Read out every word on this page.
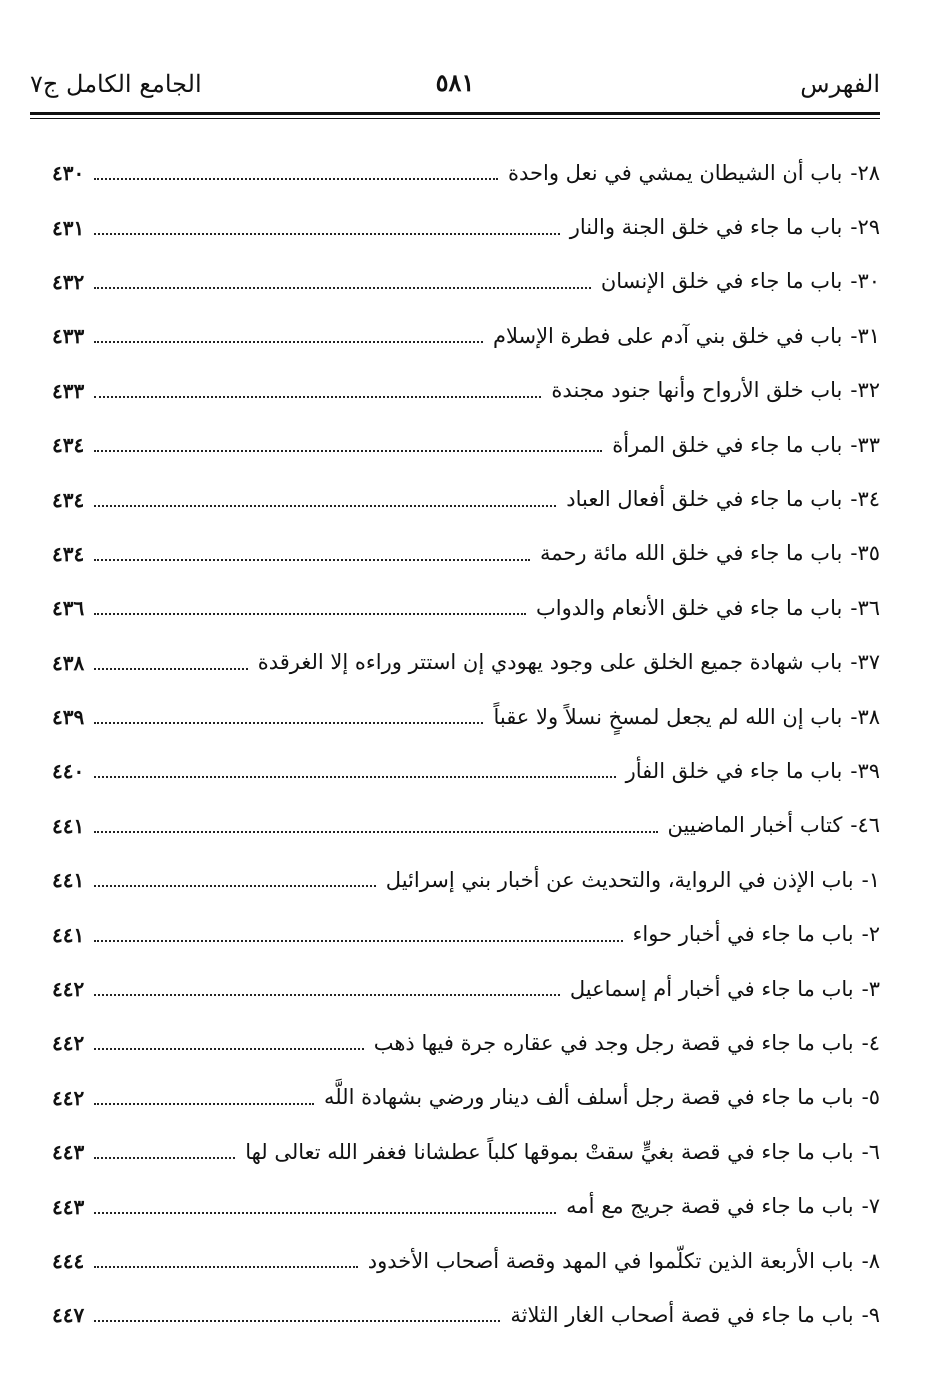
الفهرس
٥٨١
الجامع الكامل ج٧
٢٨-
باب أن الشيطان يمشي في نعل واحدة
٤٣٠
٢٩-
باب ما جاء في خلق الجنة والنار
٤٣١
٣٠-
باب ما جاء في خلق الإنسان
٤٣٢
٣١-
باب في خلق بني آدم على فطرة الإسلام
٤٣٣
٣٢-
باب خلق الأرواح وأنها جنود مجندة
٤٣٣
٣٣-
باب ما جاء في خلق المرأة
٤٣٤
٣٤-
باب ما جاء في خلق أفعال العباد
٤٣٤
٣٥-
باب ما جاء في خلق الله مائة رحمة
٤٣٤
٣٦-
باب ما جاء في خلق الأنعام والدواب
٤٣٦
٣٧-
باب شهادة جميع الخلق على وجود يهودي إن استتر وراءه إلا الغرقدة
٤٣٨
٣٨-
باب إن الله لم يجعل لمسخٍ نسلاً ولا عقباً
٤٣٩
٣٩-
باب ما جاء في خلق الفأر
٤٤٠
٤٦-
كتاب أخبار الماضيين
٤٤١
١-
باب الإذن في الرواية، والتحديث عن أخبار بني إسرائيل
٤٤١
٢-
باب ما جاء في أخبار حواء
٤٤١
٣-
باب ما جاء في أخبار أم إسماعيل
٤٤٢
٤-
باب ما جاء في قصة رجل وجد في عقاره جرة فيها ذهب
٤٤٢
٥-
باب ما جاء في قصة رجل أسلف ألف دينار ورضي بشهادة اللَّه
٤٤٢
٦-
باب ما جاء في قصة بغيٍّ سقتْ بموقها كلباً عطشانا فغفر الله تعالى لها
٤٤٣
٧-
باب ما جاء في قصة جريج مع أمه
٤٤٣
٨-
باب الأربعة الذين تكلّموا في المهد وقصة أصحاب الأخدود
٤٤٤
٩-
باب ما جاء في قصة أصحاب الغار الثلاثة
٤٤٧
